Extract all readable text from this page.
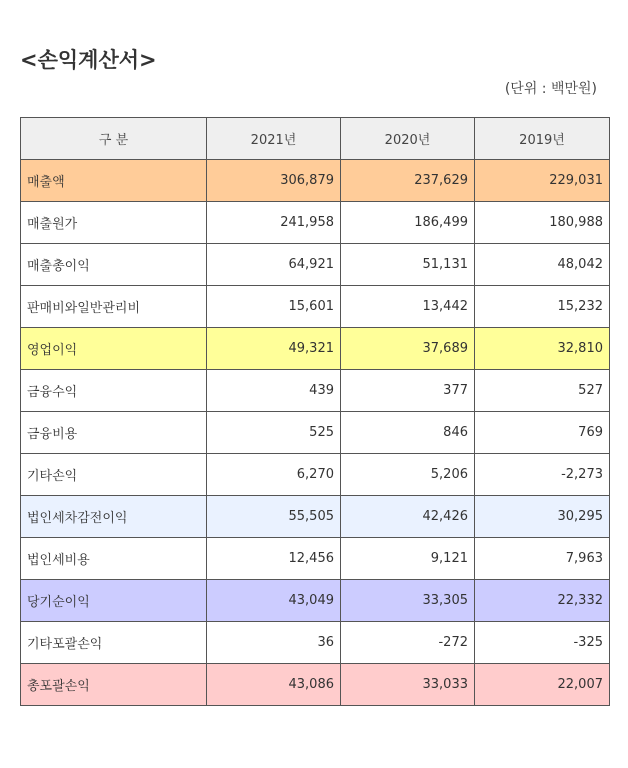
<손익계산서>
(단위 : 백만원)
구 분	2021년	2020년	2019년
매출액	306,879	237,629	229,031
매출원가	241,958	186,499	180,988
매출총이익	64,921	51,131	48,042
판매비와일반관리비	15,601	13,442	15,232
영업이익	49,321	37,689	32,810
금융수익	439	377	527
금융비용	525	846	769
기타손익	6,270	5,206	-2,273
법인세차감전이익	55,505	42,426	30,295
법인세비용	12,456	9,121	7,963
당기순이익	43,049	33,305	22,332
기타포괄손익	36	-272	-325
총포괄손익	43,086	33,033	22,007
